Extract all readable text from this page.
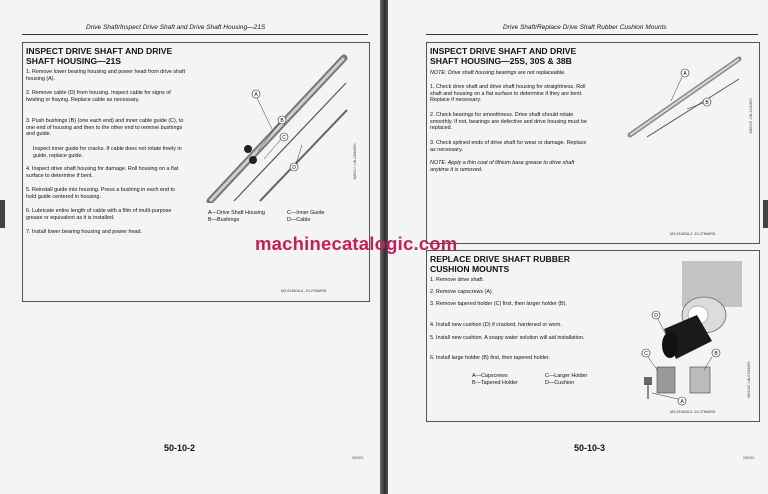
Drive Shaft/Inspect Drive Shaft and Drive Shaft Housing—21S
INSPECT DRIVE SHAFT AND DRIVE SHAFT HOUSING—21S
1. Remove lower bearing housing and power head from drive shaft housing (A).
2. Remove cable (D) from housing. Inspect cable for signs of twisting or fraying. Replace cable as necessary.
3. Push bushings (B) (one each end) and inner cable guide (C), to one end of housing and then to the other end to remove bushings and guide.
Inspect inner guide for cracks. If cable does not rotate freely in guide, replace guide.
4. Inspect drive shaft housing for damage. Roll housing on a flat surface to determine if bent.
5. Reinstall guide into housing. Press a bushing in each end to hold guide centered in housing.
6. Lubricate entire length of cable with a film of multi-purpose grease or equivalent as it is installed.
7. Install lower bearing housing and power head.
A
B
C
D	M83117 -UN-12MAR91
A—Drive Shaft Housing
B—Bushings
C—Inner Guide
D—Cable
MX,9115GA,6 -19-27MAR91
50-10-2
080391
Drive Shaft/Replace Drive Shaft Rubber Cushion Mounts
INSPECT DRIVE SHAFT AND DRIVE SHAFT HOUSING—25S, 30S & 38B
NOTE: Drive shaft housing bearings are not replaceable.
1. Check drive shaft and drive shaft housing for straightness. Roll shaft and housing on a flat surface to determine if they are bent. Replace if necessary.
2. Check bearings for smoothness. Drive shaft should rotate smoothly. If not, bearings are defective and drive housing must be replaced.
3. Check splined ends of drive shaft for wear or damage. Replace as necessary.
NOTE: Apply a thin coat of lithium base grease to drive shaft anytime it is removed.
A
B	M83119 -UN-14JUN91
MX,9115GA,4 -19-27MAR91
REPLACE DRIVE SHAFT RUBBER CUSHION MOUNTS
1. Remove drive shaft.
2. Remove capscrews (A).
3. Remove tapered holder (C) first, then larger holder (B).
4. Install new cushion (D) if cracked, hardened or worn.
5. Install new cushion. A soapy water solution will aid installation.
6. Install large holder (B) first, then tapered holder.
A—Capscrews
B—Tapered Holder
C—Larger Holder
D—Cushion
D
C	B
A
M83120 -UN-07MAR91
MX,9115GA,5 -19-27MAR91
50-10-3
080391
machinecatalogic.com
